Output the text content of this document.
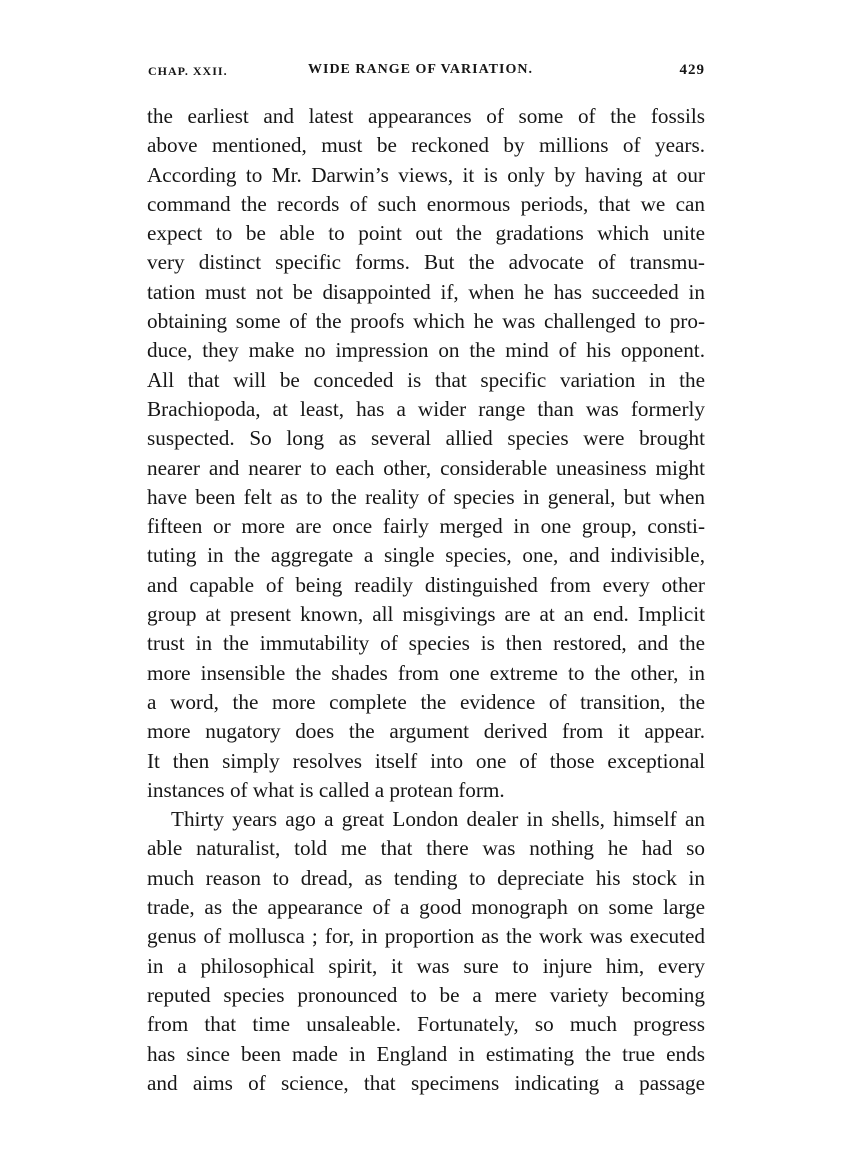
CHAP. XXII.	WIDE RANGE OF VARIATION.	429
the earliest and latest appearances of some of the fossils
above mentioned, must be reckoned by millions of years.
According to Mr. Darwin’s views, it is only by having at our
command the records of such enormous periods, that we can
expect to be able to point out the gradations which unite
very distinct specific forms. But the advocate of transmu-
tation must not be disappointed if, when he has succeeded in
obtaining some of the proofs which he was challenged to pro-
duce, they make no impression on the mind of his opponent.
All that will be conceded is that specific variation in the
Brachiopoda, at least, has a wider range than was formerly
suspected. So long as several allied species were brought
nearer and nearer to each other, considerable uneasiness might
have been felt as to the reality of species in general, but when
fifteen or more are once fairly merged in one group, consti-
tuting in the aggregate a single species, one, and indivisible,
and capable of being readily distinguished from every other
group at present known, all misgivings are at an end. Implicit
trust in the immutability of species is then restored, and the
more insensible the shades from one extreme to the other, in
a word, the more complete the evidence of transition, the
more nugatory does the argument derived from it appear.
It then simply resolves itself into one of those exceptional
instances of what is called a protean form.
Thirty years ago a great London dealer in shells, himself an
able naturalist, told me that there was nothing he had so
much reason to dread, as tending to depreciate his stock in
trade, as the appearance of a good monograph on some large
genus of mollusca ; for, in proportion as the work was executed
in a philosophical spirit, it was sure to injure him, every
reputed species pronounced to be a mere variety becoming
from that time unsaleable. Fortunately, so much progress
has since been made in England in estimating the true ends
and aims of science, that specimens indicating a passage
